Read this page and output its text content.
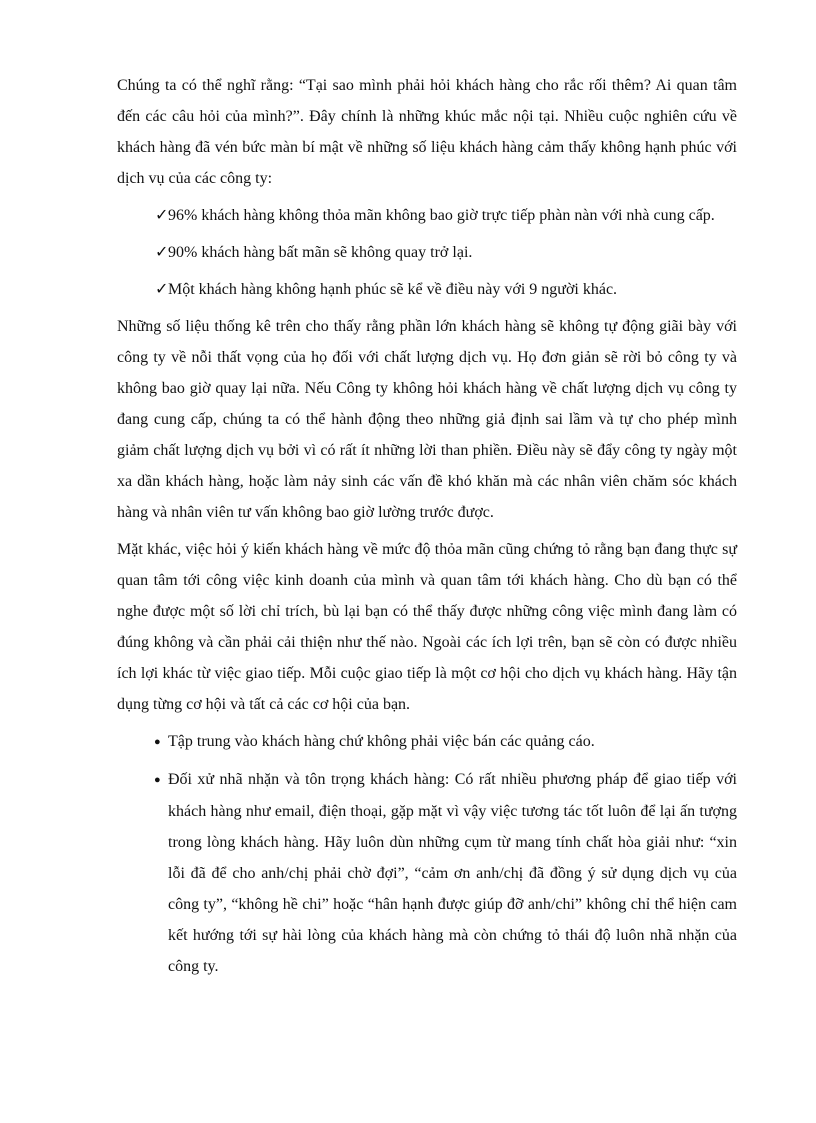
Chúng ta có thể nghĩ rằng: “Tại sao mình phải hỏi khách hàng cho rắc rối thêm? Ai quan tâm đến các câu hỏi của mình?”. Đây chính là những khúc mắc nội tại. Nhiều cuộc nghiên cứu về khách hàng đã vén bức màn bí mật về những số liệu khách hàng cảm thấy không hạnh phúc với dịch vụ của các công ty:

✓96% khách hàng không thỏa mãn không bao giờ trực tiếp phàn nàn với nhà cung cấp.
✓90% khách hàng bất mãn sẽ không quay trở lại.
✓Một khách hàng không hạnh phúc sẽ kể về điều này với 9 người khác.

Những số liệu thống kê trên cho thấy rằng phần lớn khách hàng sẽ không tự động giãi bày với công ty về nỗi thất vọng của họ đối với chất lượng dịch vụ. Họ đơn giản sẽ rời bỏ công ty và không bao giờ quay lại nữa. Nếu Công ty không hỏi khách hàng về chất lượng dịch vụ công ty đang cung cấp, chúng ta có thể hành động theo những giả định sai lầm và tự cho phép mình giảm chất lượng dịch vụ bởi vì có rất ít những lời than phiền. Điều này sẽ đẩy công ty ngày một xa dần khách hàng, hoặc làm nảy sinh các vấn đề khó khăn mà các nhân viên chăm sóc khách hàng và nhân viên tư vấn không bao giờ lường trước được.

Mặt khác, việc hỏi ý kiến khách hàng về mức độ thỏa mãn cũng chứng tỏ rằng bạn đang thực sự quan tâm tới công việc kinh doanh của mình và quan tâm tới khách hàng. Cho dù bạn có thể nghe được một số lời chỉ trích, bù lại bạn có thể thấy được những công việc mình đang làm có đúng không và cần phải cải thiện như thế nào. Ngoài các ích lợi trên, bạn sẽ còn có được nhiều ích lợi khác từ việc giao tiếp. Mỗi cuộc giao tiếp là một cơ hội cho dịch vụ khách hàng. Hãy tận dụng từng cơ hội và tất cả các cơ hội của bạn.

● Tập trung vào khách hàng chứ không phải việc bán các quảng cáo.
● Đối xử nhã nhặn và tôn trọng khách hàng: Có rất nhiều phương pháp để giao tiếp với khách hàng như email, điện thoại, gặp mặt vì vậy việc tương tác tốt luôn để lại ấn tượng trong lòng khách hàng. Hãy luôn dùn những cụm từ mang tính chất hòa giải như: “xin lỗi đã để cho anh/chị phải chờ đợi”, “cảm ơn anh/chị đã đồng ý sử dụng dịch vụ của công ty”, “không hề chi” hoặc “hân hạnh được giúp đỡ anh/chi” không chỉ thể hiện cam kết hướng tới sự hài lòng của khách hàng mà còn chứng tỏ thái độ luôn nhã nhặn của công ty.
